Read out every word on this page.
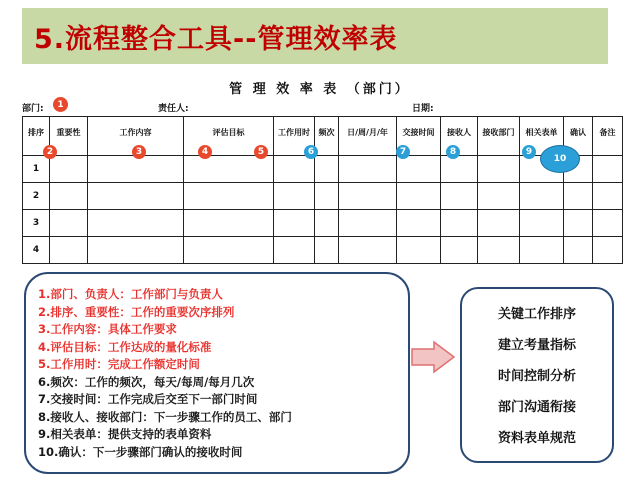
5.流程整合工具--管理效率表
管 理 效 率 表 （部门）
部门:	责任人:	日期:
排序	重要性	工作内容	评估目标	工作用时	频次	日/周/月/年	交接时间	接收人	接收部门	相关表单	确认	备注
1												
2												
3												
4												
1
2	3	4	5	6	7	8	9
10
1.部门、负责人：工作部门与负责人
2.排序、重要性：工作的重要次序排列
3.工作内容：具体工作要求
4.评估目标：工作达成的量化标准
5.工作用时：完成工作额定时间
6.频次：工作的频次，每天/每周/每月几次
7.交接时间：工作完成后交至下一部门时间
8.接收人、接收部门：下一步骤工作的员工、部门
9.相关表单：提供支持的表单资料
10.确认：下一步骤部门确认的接收时间
关键工作排序
建立考量指标
时间控制分析
部门沟通衔接
资料表单规范
